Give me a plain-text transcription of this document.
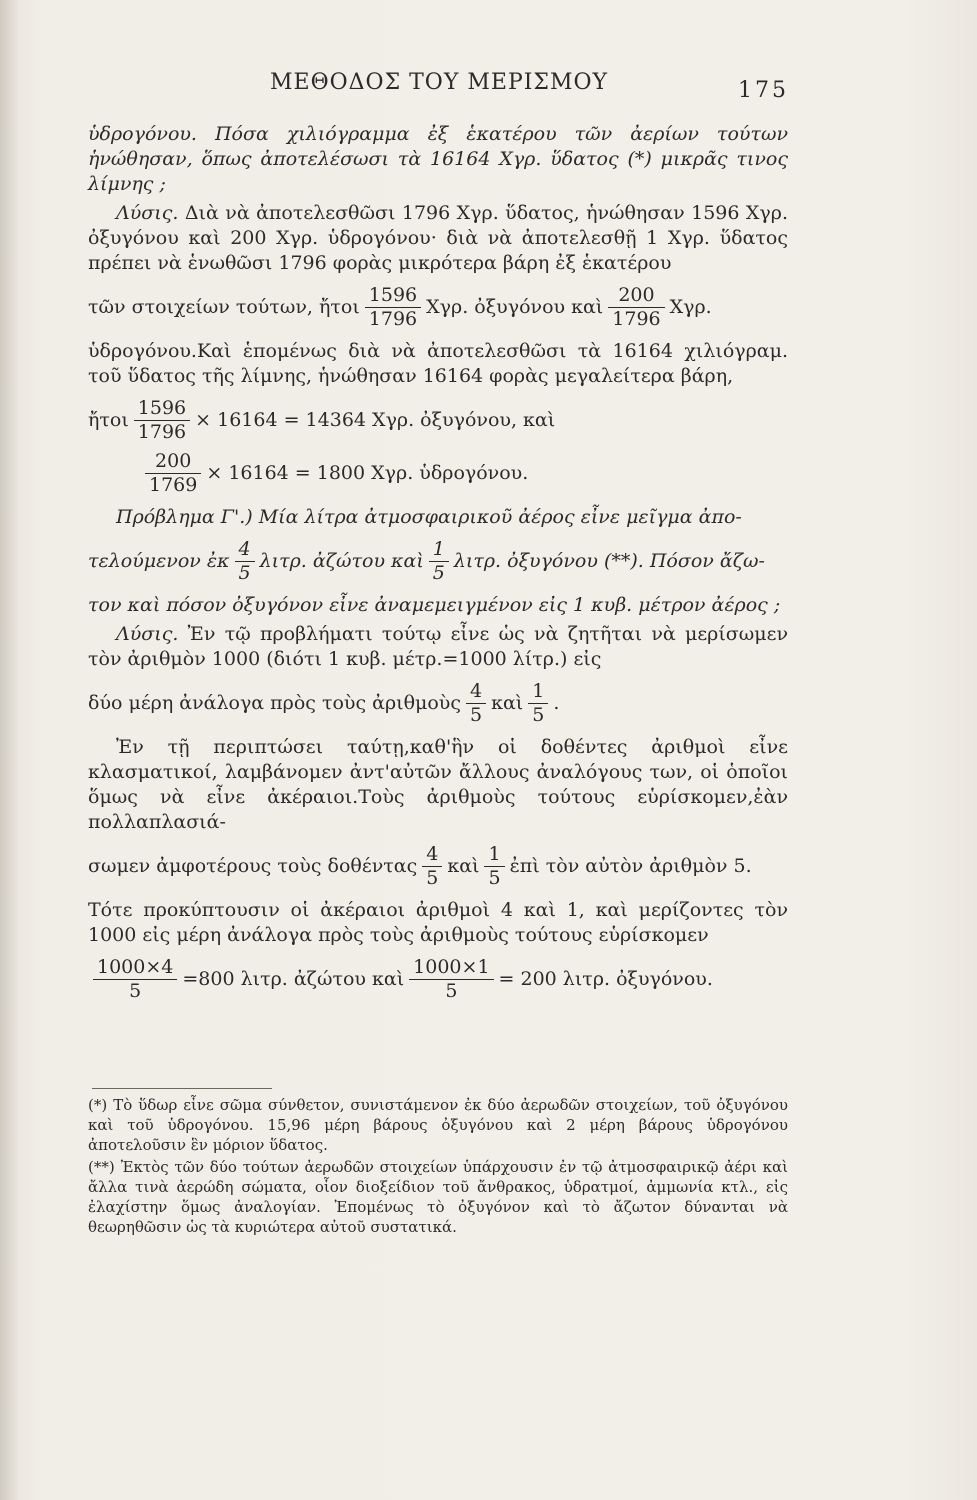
ΜΕΘΟΔΟΣ ΤΟΥ ΜΕΡΙΣΜΟΥ	175

ὑδρογόνου. Πόσα χιλιόγραμμα ἐξ ἑκατέρου τῶν ἀερίων τούτων ἡνώθησαν, ὅπως ἀποτελέσωσι τὰ 16164 Χγρ. ὕδατος (*) μικρᾶς τινος λίμνης ;

Λύσις. Διὰ νὰ ἀποτελεσθῶσι 1796 Χγρ. ὕδατος, ἡνώθησαν 1596 Χγρ. ὀξυγόνου καὶ 200 Χγρ. ὑδρογόνου· διὰ νὰ ἀποτελεσθῇ 1 Χγρ. ὕδατος πρέπει νὰ ἑνωθῶσι 1796 φορὰς μικρότερα βάρη ἐξ ἑκατέρου

τῶν στοιχείων τούτων, ἤτοι $\frac{1596}{1796} X\gamma\rho$. ὀξυγόνου καὶ $\frac{200}{1796} X\gamma\rho$.

ὑδρογόνου.Καὶ ἑπομένως διὰ νὰ ἀποτελεσθῶσι τὰ 16164 χιλιόγραμ. τοῦ ὕδατος τῆς λίμνης, ἡνώθησαν 16164 φορὰς μεγαλείτερα βάρη,

ἤτοι $\frac{1596}{1796} \times 16164 = 14364$ Χγρ. ὀξυγόνου, καὶ
$\frac{200}{1769} \times 16164 = 1800$ Χγρ. ὑδρογόνου.

Πρόβλημα Γ'.) Μία λίτρα ἀτμοσφαιρικοῦ ἀέρος εἶνε μεῖγμα ἀπο-

τελούμενον ἐκ $\frac{4}{5} \lambda\iota\tau\rho$. ἀζώτου καὶ $\frac{1}{5} \lambda\iota\tau\rho$. ὀξυγόνου (**). Πόσον ἄζω-

τον καὶ πόσον ὀξυγόνον εἶνε ἀναμεμειγμένον εἰς 1 κυβ. μέτρον ἀέρος ;

Λύσις. Ἐν τῷ προβλήματι τούτῳ εἶνε ὡς νὰ ζητῆται νὰ μερίσωμεν τὸν ἀριθμὸν 1000 (διότι 1 κυβ. μέτρ.=1000 λίτρ.) εἰς

δύο μέρη ἀνάλογα πρὸς τοὺς ἀριθμοὺς $\frac{4}{5}$ καὶ $\frac{1}{5}$ .

Ἐν τῇ περιπτώσει ταύτῃ,καθ'ἣν οἱ δοθέντες ἀριθμοὶ εἶνε κλασματικοί, λαμβάνομεν ἀντ'αὐτῶν ἄλλους ἀναλόγους των, οἱ ὁποῖοι ὅμως νὰ εἶνε ἀκέραιοι.Τοὺς ἀριθμοὺς τούτους εὑρίσκομεν,ἐὰν πολλαπλασιά-

σωμεν ἀμφοτέρους τοὺς δοθέντας $\frac{4}{5}$ καὶ $\frac{1}{5}$ ἐπὶ τὸν αὐτὸν ἀριθμὸν 5.

Τότε προκύπτουσιν οἱ ἀκέραιοι ἀριθμοὶ 4 καὶ 1, καὶ μερίζοντες τὸν 1000 εἰς μέρη ἀνάλογα πρὸς τοὺς ἀριθμοὺς τούτους εὑρίσκομεν

$\frac{1000\times 4}{5} =800$ λιτρ. ἀζώτου καὶ $\frac{1000\times 1}{5} = 200$ λιτρ. ὀξυγόνου.

(*) Τὸ ὕδωρ εἶνε σῶμα σύνθετον, συνιστάμενον ἐκ δύο ἀερωδῶν στοιχείων, τοῦ ὀξυγόνου καὶ τοῦ ὑδρογόνου. 15,96 μέρη βάρους ὀξυγόνου καὶ 2 μέρη βάρους ὑδρογόνου ἀποτελοῦσιν ἓν μόριον ὕδατος.

(**) Ἐκτὸς τῶν δύο τούτων ἀερωδῶν στοιχείων ὑπάρχουσιν ἐν τῷ ἀτμοσφαιρικῷ ἀέρι καὶ ἄλλα τινὰ ἀερώδη σώματα, οἷον διοξείδιον τοῦ ἄνθρακος, ὑδρατμοί, ἀμμωνία κτλ., εἰς ἐλαχίστην ὅμως ἀναλογίαν. Ἐπομένως τὸ ὀξυγόνον καὶ τὸ ἄζωτον δύνανται νὰ θεωρηθῶσιν ὡς τὰ κυριώτερα αὐτοῦ συστατικά.
